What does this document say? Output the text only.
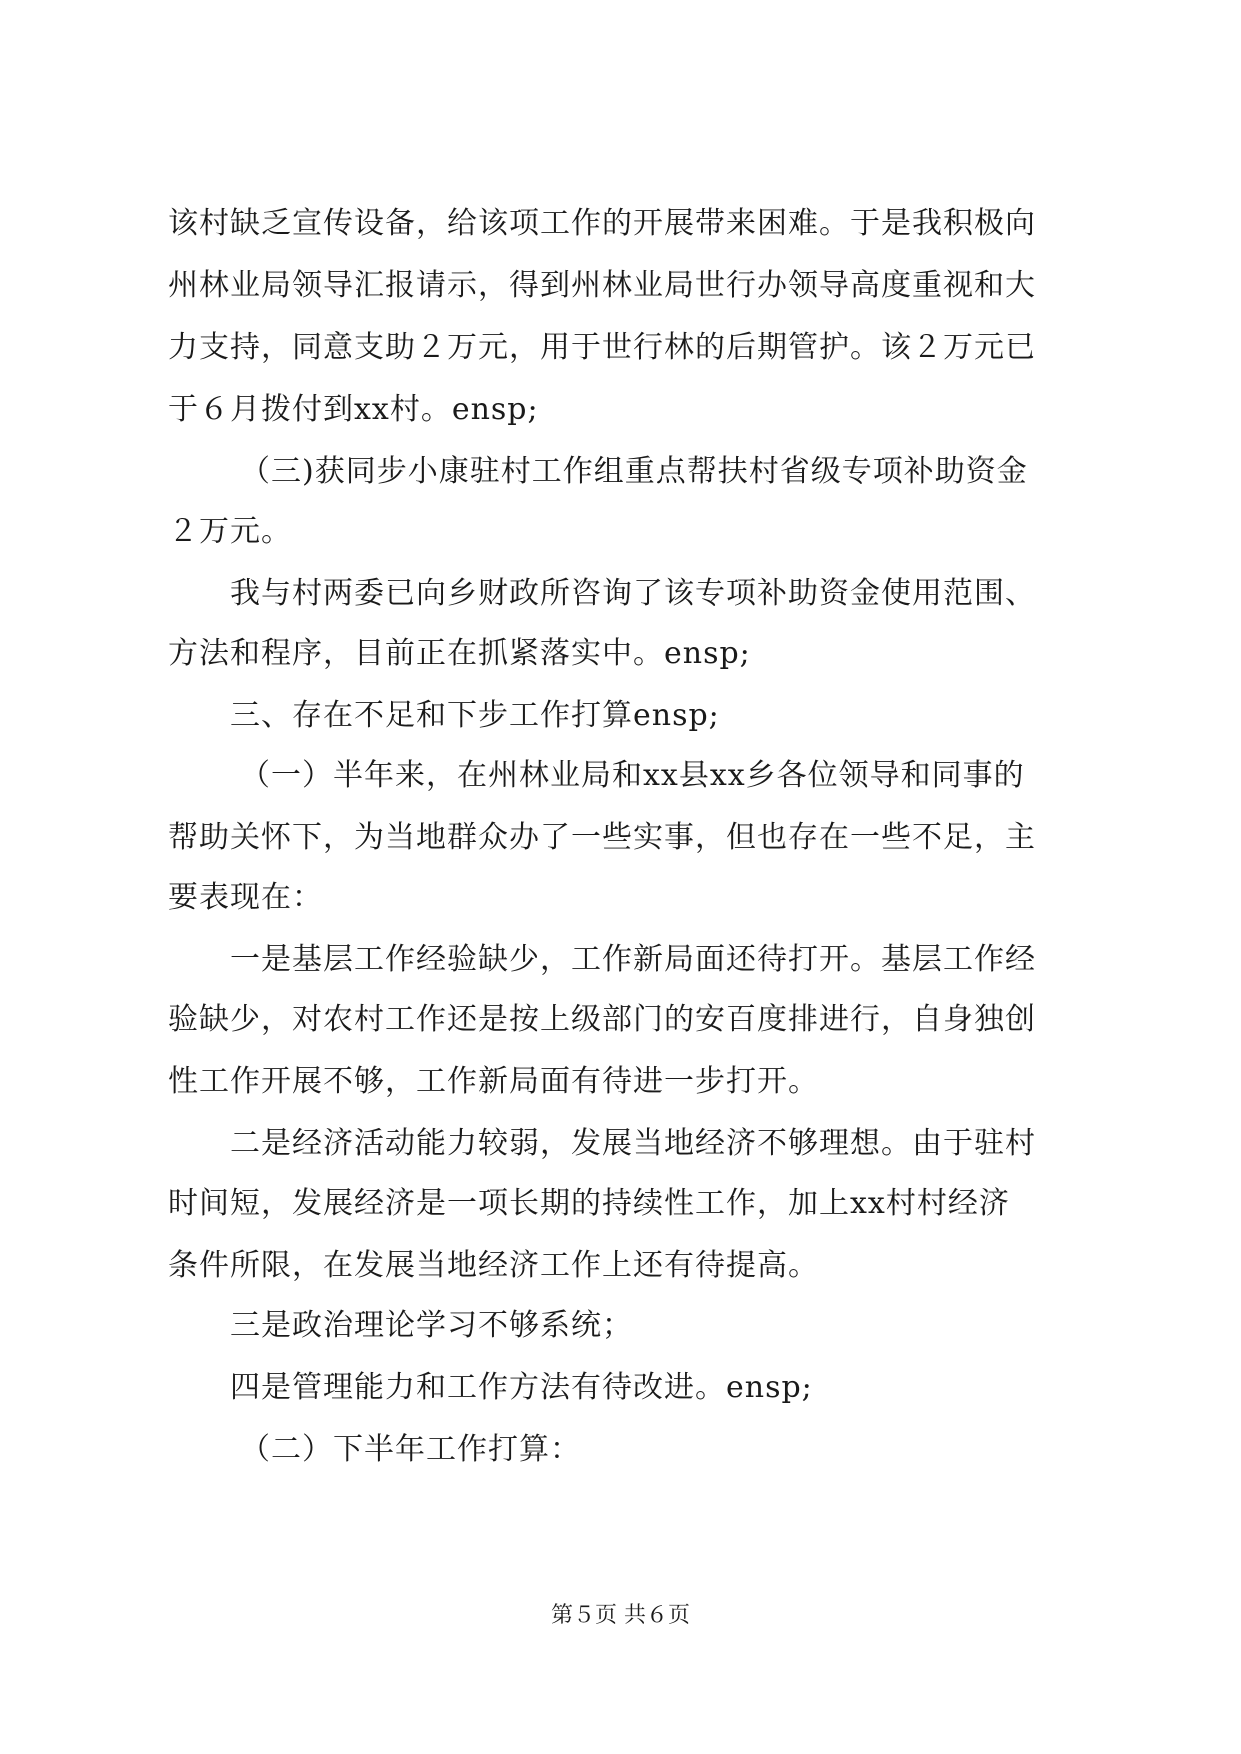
该村缺乏宣传设备，给该项工作的开展带来困难。于是我积极向
州林业局领导汇报请示，得到州林业局世行办领导高度重视和大
力支持，同意支助２万元，用于世行林的后期管护。该２万元已
于６月拨付到xx村。ensp;
（三)获同步小康驻村工作组重点帮扶村省级专项补助资金
２万元。
我与村两委已向乡财政所咨询了该专项补助资金使用范围、
方法和程序，目前正在抓紧落实中。ensp;
三、存在不足和下步工作打算ensp;
（一）半年来，在州林业局和xx县xx乡各位领导和同事的
帮助关怀下，为当地群众办了一些实事，但也存在一些不足，主
要表现在：
一是基层工作经验缺少，工作新局面还待打开。基层工作经
验缺少，对农村工作还是按上级部门的安百度排进行，自身独创
性工作开展不够，工作新局面有待进一步打开。
二是经济活动能力较弱，发展当地经济不够理想。由于驻村
时间短，发展经济是一项长期的持续性工作，加上xx村村经济
条件所限，在发展当地经济工作上还有待提高。
三是政治理论学习不够系统；
四是管理能力和工作方法有待改进。ensp;
（二）下半年工作打算：
第５页 共６页
